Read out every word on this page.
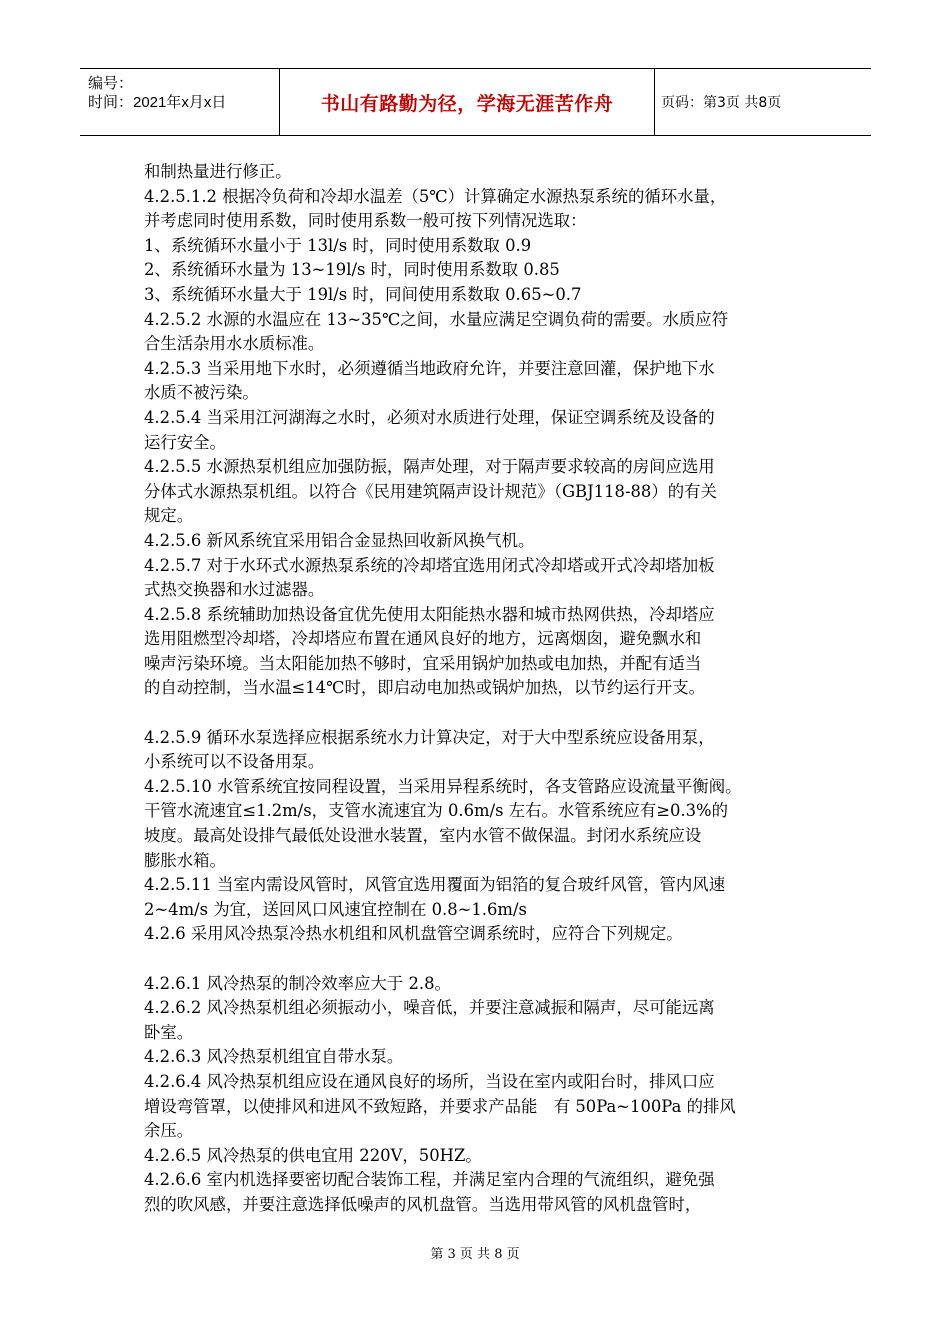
编号：
时间：2021年x月x日	书山有路勤为径，学海无涯苦作舟	页码：第3页 共8页

和制热量进行修正。

4.2.5.1.2 根据冷负荷和冷却水温差（5℃）计算确定水源热泵系统的循环水量，

并考虑同时使用系数，同时使用系数一般可按下列情况选取：

1、系统循环水量小于 13l/s 时，同时使用系数取 0.9

2、系统循环水量为 13~19l/s 时，同时使用系数取 0.85

3、系统循环水量大于 19l/s 时，同间使用系数取 0.65~0.7

4.2.5.2 水源的水温应在 13~35℃之间，水量应满足空调负荷的需要。水质应符

合生活杂用水水质标准。

4.2.5.3 当采用地下水时，必须遵循当地政府允许，并要注意回灌，保护地下水

水质不被污染。

4.2.5.4 当采用江河湖海之水时，必须对水质进行处理，保证空调系统及设备的

运行安全。

4.2.5.5 水源热泵机组应加强防振，隔声处理，对于隔声要求较高的房间应选用

分体式水源热泵机组。以符合《民用建筑隔声设计规范》（GBJ118-88）的有关

规定。

4.2.5.6 新风系统宜采用铝合金显热回收新风换气机。

4.2.5.7 对于水环式水源热泵系统的冷却塔宜选用闭式冷却塔或开式冷却塔加板

式热交换器和水过滤器。

4.2.5.8 系统辅助加热设备宜优先使用太阳能热水器和城市热网供热，冷却塔应

选用阻燃型冷却塔，冷却塔应布置在通风良好的地方，远离烟囱，避免飘水和

噪声污染环境。当太阳能加热不够时，宜采用锅炉加热或电加热，并配有适当

的自动控制，当水温≤14℃时，即启动电加热或锅炉加热，以节约运行开支。

4.2.5.9 循环水泵选择应根据系统水力计算决定，对于大中型系统应设备用泵，

小系统可以不设备用泵。

4.2.5.10 水管系统宜按同程设置，当采用异程系统时，各支管路应设流量平衡阀。

干管水流速宜≤1.2m/s，支管水流速宜为 0.6m/s 左右。水管系统应有≥0.3%的

坡度。最高处设排气最低处设泄水装置，室内水管不做保温。封闭水系统应设

膨胀水箱。

4.2.5.11 当室内需设风管时，风管宜选用覆面为铝箔的复合玻纤风管，管内风速

2~4m/s 为宜，送回风口风速宜控制在 0.8~1.6m/s

4.2.6 采用风冷热泵冷热水机组和风机盘管空调系统时，应符合下列规定。

4.2.6.1 风冷热泵的制冷效率应大于 2.8。

4.2.6.2 风冷热泵机组必须振动小，噪音低，并要注意减振和隔声，尽可能远离

卧室。

4.2.6.3 风冷热泵机组宜自带水泵。

4.2.6.4 风冷热泵机组应设在通风良好的场所，当设在室内或阳台时，排风口应

增设弯管罩，以使排风和进风不致短路，并要求产品能　有 50Pa~100Pa 的排风

余压。

4.2.6.5 风冷热泵的供电宜用 220V，50HZ。

4.2.6.6 室内机选择要密切配合装饰工程，并满足室内合理的气流组织，避免强

烈的吹风感，并要注意选择低噪声的风机盘管。当选用带风管的风机盘管时，

第 3 页 共 8 页
